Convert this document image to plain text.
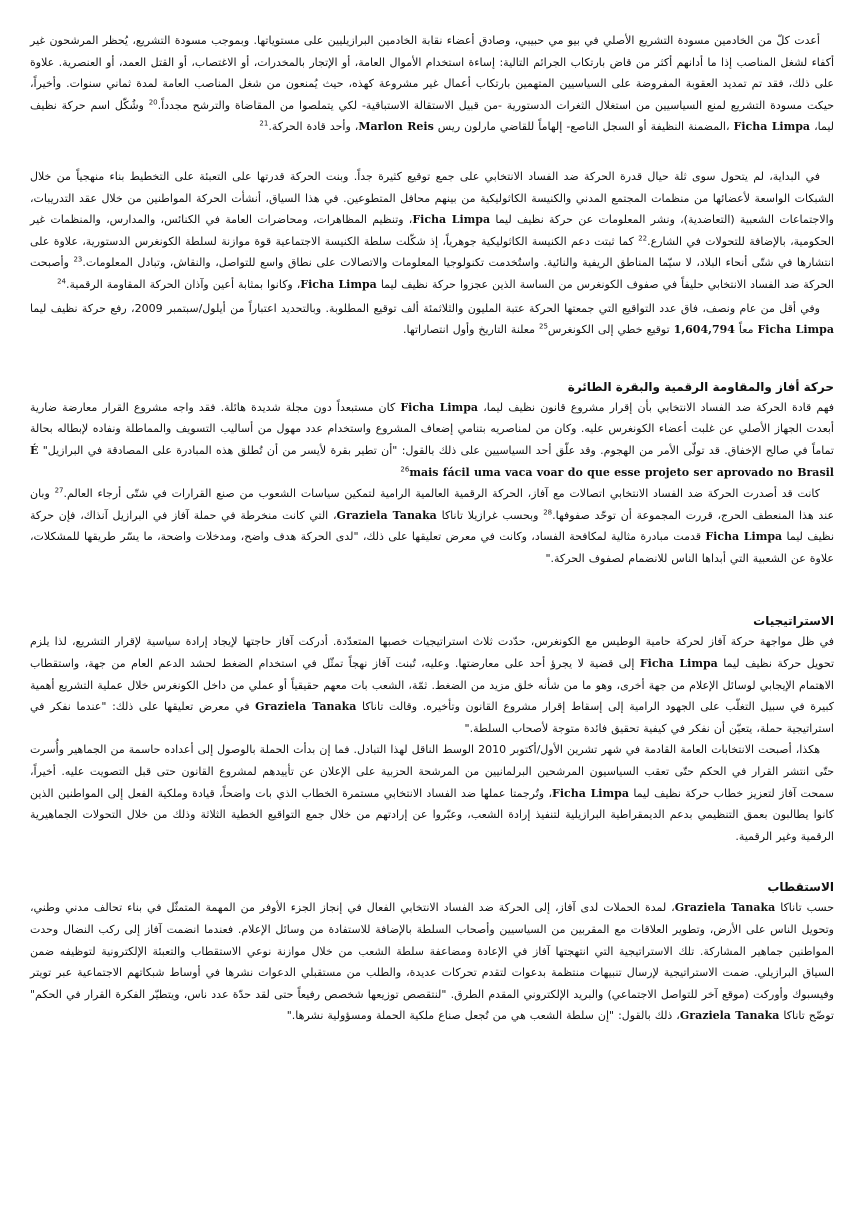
أعدت كلّ من الخادمين مسودة التشريع الأصلي في بيو مي حبيبي، وصادق أعضاء نقابة الخادمين البرازيليين على مستوياتها. وبموجب مسودة التشريع، يُحظر المرشحون غير أكفاء لشغل المناصب إذا ما أدانهم أكثر من قاض بارتكاب الجرائم التالية: إساءة استخدام الأموال العامة، أو الإتجار بالمخدرات، أو الاغتصاب، أو القتل العمد، أو العنصرية. علاوة على ذلك، فقد تم تمديد العقوبة المفروضة على السياسيين المتهمين بارتكاب أعمال غير مشروعة كهذه، حيث يُمنعون من شغل المناصب العامة لمدة ثماني سنوات. وأخيراً، حيكت مسودة التشريع لمنع السياسيين من استغلال الثغرات الدستورية -من قبيل الاستقالة الاستباقية- لكي يتملصوا من المقاضاة والترشح مجدداً.$^{20}$ وشُكّل اسم حركة نظيف ليما، Ficha Limpa ،المضمنة النظيفة أو السجل الناصع- إلهاماً للقاضي مارلون ريس Marlon Reis، وأحد قادة الحركة.$^{21}$

في البداية، لم يتحول سوى ثلة حيال قدرة الحركة ضد الفساد الانتخابي على جمع توقيع كثيرة جداً. وبنت الحركة قدرتها على التعبئة على التخطيط بناء منهجياً من خلال الشبكات الواسعة لأعضائها من منظمات المجتمع المدني والكنيسة الكاثوليكية من بينهم محافل المتطوعين. في هذا السياق، أنشأت الحركة المواطنين من خلال عقد التدريبات، والاجتماعات الشعبية (التعاضدية)، ونشر المعلومات عن حركة نظيف ليما Ficha Limpa، وتنظيم المظاهرات، ومحاضرات العامة في الكنائس، والمدارس، والمنظمات غير الحكومية، بالإضافة للتحولات في الشارع.$^{22}$ كما ثبتت دعم الكنيسة الكاثوليكية جوهرياً، إذ شكّلت سلطة الكنيسة الاجتماعية قوة موازنة لسلطة الكونغرس الدستورية، علاوة على انتشارها في شتّى أنحاء البلاد، لا سيّما المناطق الريفية والنائية. واستُخدمت تكنولوجيا المعلومات والاتصالات على نطاق واسع للتواصل، والنقاش، وتبادل المعلومات.$^{23}$ وأصبحت الحركة ضد الفساد الانتخابي حليفاً في صفوف الكونغرس من الساسة الذين عجزوا حركة نظيف ليما Ficha Limpa، وكانوا بمثابة أعين وآذان الحركة المقاومة الرقمية.$^{24}$

وفي أقل من عام ونصف، فاق عدد التواقيع التي جمعتها الحركة عتبة المليون والثلاثمئة ألف توقيع المطلوبة. وبالتحديد اعتباراً من أيلول/سبتمبر 2009، رفع حركة نظيف ليما Ficha Limpa معاً 1,604,794 توقيع خطي إلى الكونغرس$^{25}$ معلنة التاريخ وأول انتصاراتها.

حركة أفاز والمقاومة الرقمية والبقرة الطائرة

فهم قادة الحركة ضد الفساد الانتخابي بأن إقرار مشروع قانون نظيف ليما، Ficha Limpa كان مستبعداً دون مجلة شديدة هائلة. فقد واجه مشروع القرار معارضة ضارية أبعدت الجهاز الأصلي عن غلبت أعضاء الكونغرس عليه. وكان من لمناصريه بتنامي إضعاف المشروع واستخدام عدد مهول من أساليب التسويف والمماطلة ونفاده لإبطاله بحالة تماماً في صالح الإخفاق. قد تولّى الأمر من الهجوم. وقد علّق أحد السياسيين على ذلك بالقول: "أن تطير بقرة لأيسر من أن تُطلق هذه المبادرة على المصادقة في البرازيل" É mais fácil uma vaca voar do que esse projeto ser aprovado no Brasil$^{26}$

كانت قد أصدرت الحركة ضد الفساد الانتخابي اتصالات مع آفاز، الحركة الرقمية العالمية الرامية لتمكين سياسات الشعوب من صنع القرارات في شتّى أرجاء العالم.$^{27}$ وبان عند هذا المنعطف الحرج، قررت المجموعة أن توحّد صفوفها.$^{28}$ وبحسب غرازيلا تاناكا Graziela Tanaka، التي كانت منخرطة في حملة آفاز في البرازيل آنذاك، فإن حركة نظيف ليما Ficha Limpa قدمت مبادرة مثالية لمكافحة الفساد، وكانت في معرض تعليقها على ذلك، "لدى الحركة هدف واضح، ومدخلات واضحة، ما يسّر طريقها للمشكلات، علاوة عن الشعبية التي أبداها الناس للانضمام لصفوف الحركة."

الاستراتيجيات

في ظل مواجهة حركة آفاز لحركة حامية الوطيس مع الكونغرس، حدّدت ثلاث استراتيجيات خصبها المتعدّدة. أدركت آفاز حاجتها لإيجاد إرادة سياسية لإقرار التشريع، لذا يلزم تحويل حركة نظيف ليما Ficha Limpa إلى قضية لا يجرؤ أحد على معارضتها. وعليه، تُبنت آفاز نهجاً تمثّل في استخدام الضغط لحشد الدعم العام من جهة، واستقطاب الاهتمام الإيجابي لوسائل الإعلام من جهة أخرى، وهو ما من شأنه خلق مزيد من الضغط. ثمّة، الشعب بات معهم حقيقياً أو عملي من داخل الكونغرس خلال عملية التشريع أهمية كبيرة في سبيل التغلّب على الجهود الرامية إلى إسقاط إقرار مشروع القانون وتأخيره. وقالت تاناكا Graziela Tanaka في معرض تعليقها على ذلك: "عندما نفكر في استراتيجية حملة، يتعيّن أن نفكر في كيفية تحقيق فائدة متوجة لأصحاب السلطة."

هكذا، أصبحت الانتخابات العامة القادمة في شهر تشرين الأول/أكتوبر 2010 الوسط الناقل لهذا التبادل. فما إن بدأت الحملة بالوصول إلى أعداده حاسمة من الجماهير وأُسرت حتّى انتشر القرار في الحكم حتّى تعقب السياسيون المرشحين البرلمانيين من المرشحة الحزبية على الإعلان عن تأييدهم لمشروع القانون حتى قبل التصويت عليه. أخيراً، سمحت آفاز لتعزيز خطاب حركة نظيف ليما Ficha Limpa، وتُرجمتا عملها ضد الفساد الانتخابي مستمرة الخطاب الذي بات واضحاً، قيادة وملكية الفعل إلى المواطنين الذين كانوا يطالبون بعمق التنظيمي بدعم الديمقراطية البرازيلية لتنفيذ إرادة الشعب، وعبّروا عن إرادتهم من خلال جمع التواقيع الخطية الثلاثة وذلك من خلال التحولات الجماهيرية الرقمية وغير الرقمية.

الاستقطاب

حسب تاناكا Graziela Tanaka، لمدة الحملات لدى آفاز، إلى الحركة ضد الفساد الانتخابي الفعال في إنجاز الجزء الأوفر من المهمة المتمثّل في بناء تحالف مدني وطني، وتحويل الناس على الأرض، وتطوير العلاقات مع المقربين من السياسيين وأصحاب السلطة بالإضافة للاستفادة من وسائل الإعلام. فعندما انضمت آفاز إلى ركب النضال وحدت المواطنين جماهير المشاركة. تلك الاستراتيجية التي انتهجتها آفاز في الإعادة ومضاعفة سلطة الشعب من خلال موازنة نوعي الاستقطاب والتعبئة الإلكترونية لتوظيفه ضمن السياق البرازيلي. ضمت الاستراتيجية لإرسال تنبيهات منتظمة بدعوات لتقدم تحركات عديدة، والطلب من مستقبلي الدعوات نشرها في أوساط شبكاتهم الاجتماعية عبر تويتر وفيسبوك وأوركت (موقع آخر للتواصل الاجتماعي) والبريد الإلكتروني المقدم الطرق. "لنتقصص توزيعها شخصص رفيعاً حتى لقد حدّة عدد ناس، ويتطيّر الفكرة القرار في الحكم" توضّح تاناكا Graziela Tanaka، ذلك بالقول: "إن سلطة الشعب هي من تُجعل صناع ملكية الحملة ومسؤولية نشرها."
